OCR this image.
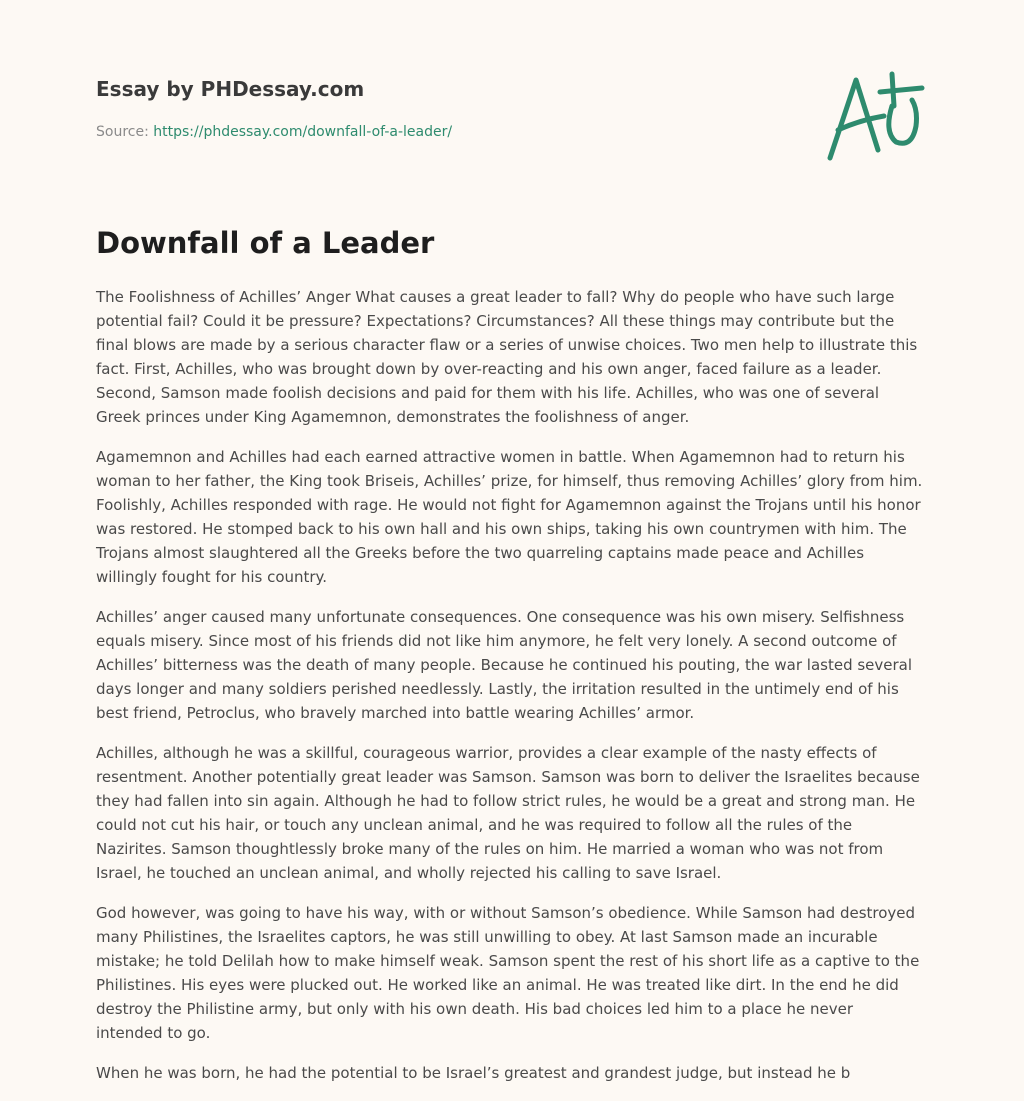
Essay by PHDessay.com
Source: https://phdessay.com/downfall-of-a-leader/
Downfall of a Leader

The Foolishness of Achilles’ Anger What causes a great leader to fall? Why do people who have such large potential fail? Could it be pressure? Expectations? Circumstances? All these things may contribute but the final blows are made by a serious character flaw or a series of unwise choices. Two men help to illustrate this fact. First, Achilles, who was brought down by over-reacting and his own anger, faced failure as a leader. Second, Samson made foolish decisions and paid for them with his life. Achilles, who was one of several Greek princes under King Agamemnon, demonstrates the foolishness of anger.

Agamemnon and Achilles had each earned attractive women in battle. When Agamemnon had to return his woman to her father, the King took Briseis, Achilles’ prize, for himself, thus removing Achilles’ glory from him. Foolishly, Achilles responded with rage. He would not fight for Agamemnon against the Trojans until his honor was restored. He stomped back to his own hall and his own ships, taking his own countrymen with him. The Trojans almost slaughtered all the Greeks before the two quarreling captains made peace and Achilles willingly fought for his country.

Achilles’ anger caused many unfortunate consequences. One consequence was his own misery. Selfishness equals misery. Since most of his friends did not like him anymore, he felt very lonely. A second outcome of Achilles’ bitterness was the death of many people. Because he continued his pouting, the war lasted several days longer and many soldiers perished needlessly. Lastly, the irritation resulted in the untimely end of his best friend, Petroclus, who bravely marched into battle wearing Achilles’ armor.

Achilles, although he was a skillful, courageous warrior, provides a clear example of the nasty effects of resentment. Another potentially great leader was Samson. Samson was born to deliver the Israelites because they had fallen into sin again. Although he had to follow strict rules, he would be a great and strong man. He could not cut his hair, or touch any unclean animal, and he was required to follow all the rules of the Nazirites. Samson thoughtlessly broke many of the rules on him. He married a woman who was not from Israel, he touched an unclean animal, and wholly rejected his calling to save Israel.

God however, was going to have his way, with or without Samson’s obedience. While Samson had destroyed many Philistines, the Israelites captors, he was still unwilling to obey. At last Samson made an incurable mistake; he told Delilah how to make himself weak. Samson spent the rest of his short life as a captive to the Philistines. His eyes were plucked out. He worked like an animal. He was treated like dirt. In the end he did destroy the Philistine army, but only with his own death. His bad choices led him to a place he never intended to go.

When he was born, he had the potential to be Israel’s greatest and grandest judge, but instead he b
